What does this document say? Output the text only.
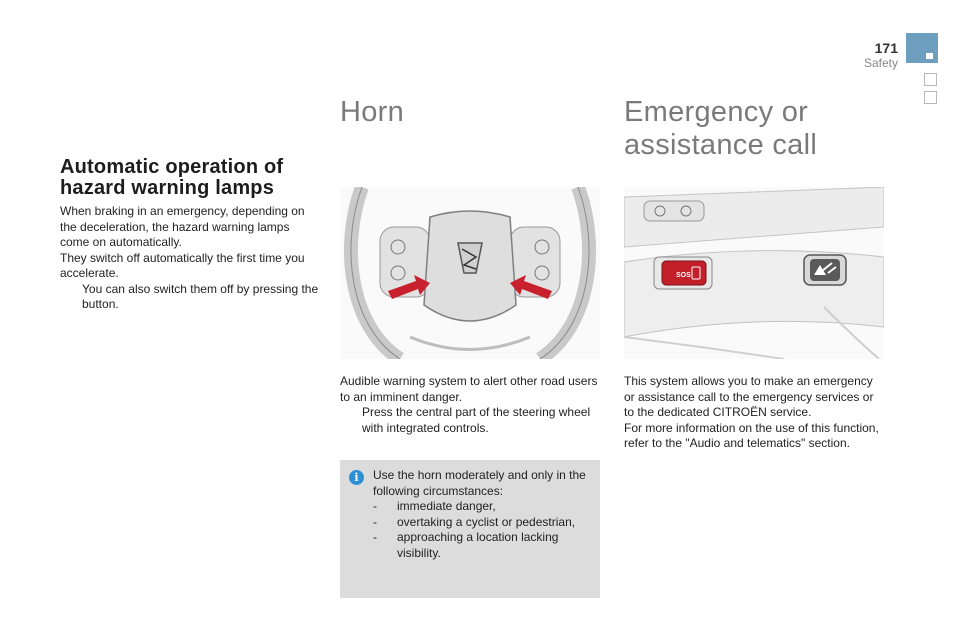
171
Safety
Automatic operation of hazard warning lamps
When braking in an emergency, depending on the deceleration, the hazard warning lamps come on automatically.
They switch off automatically the first time you accelerate.
You can also switch them off by pressing the button.
Horn
Audible warning system to alert other road users to an imminent danger.
Press the central part of the steering wheel with integrated controls.
i	Use the horn moderately and only in the following circumstances:
-	immediate danger,
-	overtaking a cyclist or pedestrian,
-	approaching a location lacking visibility.
Emergency or
assistance call
SOS
This system allows you to make an emergency or assistance call to the emergency services or to the dedicated CITROËN service.
For more information on the use of this function, refer to the "Audio and telematics" section.
